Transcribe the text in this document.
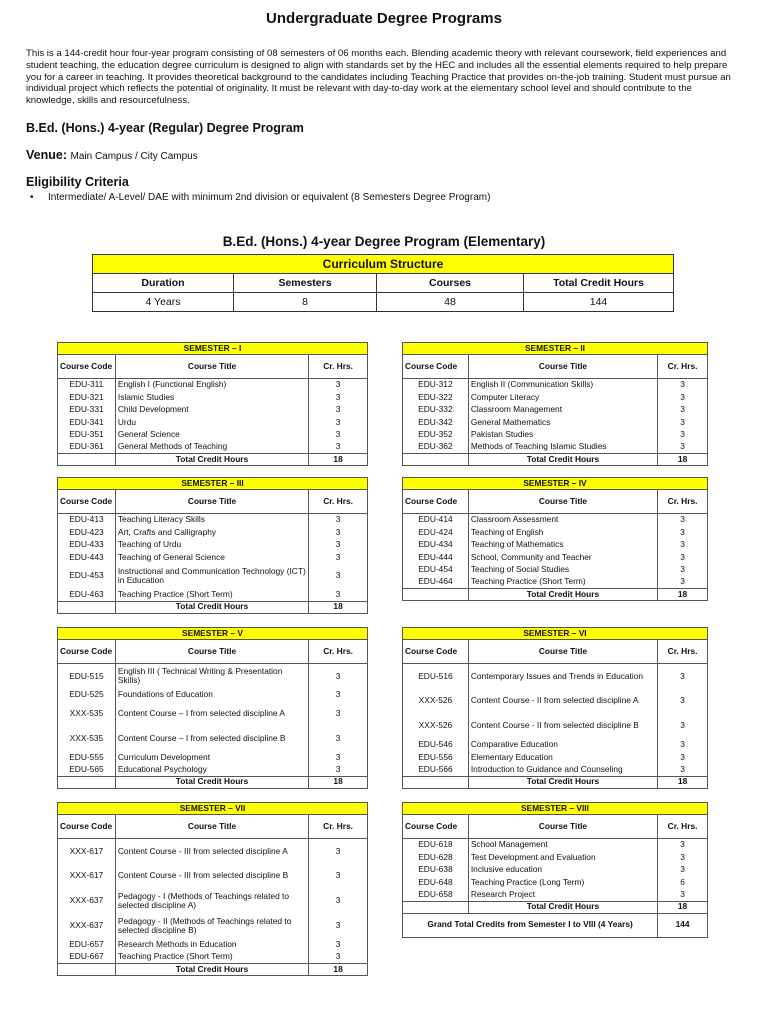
Undergraduate Degree Programs

This is a 144-credit hour four-year program consisting of 08 semesters of 06 months each. Blending academic theory with relevant coursework, field experiences and student teaching, the education degree curriculum is designed to align with standards set by the HEC and includes all the essential elements required to help prepare you for a career in teaching. It provides theoretical background to the candidates including Teaching Practice that provides on-the-job training. Student must pursue an individual project which reflects the potential of originality. It must be relevant with day-to-day work at the elementary school level and should contribute to the knowledge, skills and resourcefulness.

B.Ed. (Hons.) 4-year (Regular) Degree Program
Venue: Main Campus / City Campus
Eligibility Criteria
• Intermediate/ A-Level/ DAE with minimum 2nd division or equivalent (8 Semesters Degree Program)
B.Ed. (Hons.) 4-year Degree Program (Elementary)
Curriculum Structure			
Duration	Semesters	Courses	Total Credit Hours
4 Years	8	48	144
SEMESTER – I		
Course Code	Course Title	Cr. Hrs.
EDU-311	English I (Functional English)	3
EDU-321	Islamic Studies	3
EDU-331	Child Development	3
EDU-341	Urdu	3
EDU-351	General Science	3
EDU-361	General Methods of Teaching	3
	Total Credit Hours	18
SEMESTER – II		
Course Code	Course Title	Cr. Hrs.
EDU-312	English II (Communication Skills)	3
EDU-322	Computer Literacy	3
EDU-332	Classroom Management	3
EDU-342	General Mathematics	3
EDU-352	Pakistan Studies	3
EDU-362	Methods of Teaching Islamic Studies	3
	Total Credit Hours	18
SEMESTER – III		
Course Code	Course Title	Cr. Hrs.
EDU-413	Teaching Literacy Skills	3
EDU-423	Art, Crafts and Calligraphy	3
EDU-433	Teaching of Urdu	3
EDU-443	Teaching of General Science	3
EDU-453	Instructional and Communication Technology (ICT) in Education	3
EDU-463	Teaching Practice (Short Term)	3
	Total Credit Hours	18
SEMESTER – IV		
Course Code	Course Title	Cr. Hrs.
EDU-414	Classroom Assessment	3
EDU-424	Teaching of English	3
EDU-434	Teaching of Mathematics	3
EDU-444	School, Community and Teacher	3
EDU-454	Teaching of Social Studies	3
EDU-464	Teaching Practice (Short Term)	3
	Total Credit Hours	18
SEMESTER – V		
Course Code	Course Title	Cr. Hrs.
EDU-515	English III ( Technical Writing & Presentation Skills)	3
EDU-525	Foundations of Education	3
XXX-535	Content Course – I from selected discipline A	3
XXX-535	Content Course – I from selected discipline B	3
EDU-555	Curriculum Development	3
EDU-565	Educational Psychology	3
	Total Credit Hours	18
SEMESTER – VI		
Course Code	Course Title	Cr. Hrs.
EDU-516	Contemporary Issues and Trends in Education	3
XXX-526	Content Course - II from selected discipline A	3
XXX-526	Content Course - II from selected discipline B	3
EDU-546	Comparative Education	3
EDU-556	Elementary Education	3
EDU-566	Introduction to Guidance and Counseling	3
	Total Credit Hours	18
SEMESTER – VII		
Course Code	Course Title	Cr. Hrs.
XXX-617	Content Course - III from selected discipline A	3
XXX-617	Content Course - III from selected discipline B	3
XXX-637	Pedagogy - I (Methods of Teachings related to selected discipline A)	3
XXX-637	Pedagogy - II (Methods of Teachings related to selected discipline B)	3
EDU-657	Research Methods in Education	3
EDU-667	Teaching Practice (Short Term)	3
	Total Credit Hours	18
SEMESTER – VIII		
Course Code	Course Title	Cr. Hrs.
EDU-618	School Management	3
EDU-628	Test Development and Evaluation	3
EDU-638	Inclusive education	3
EDU-648	Teaching Practice (Long Term)	6
EDU-658	Research Project	3
	Total Credit Hours	18
Grand Total Credits from Semester I to VIII (4 Years)		144
